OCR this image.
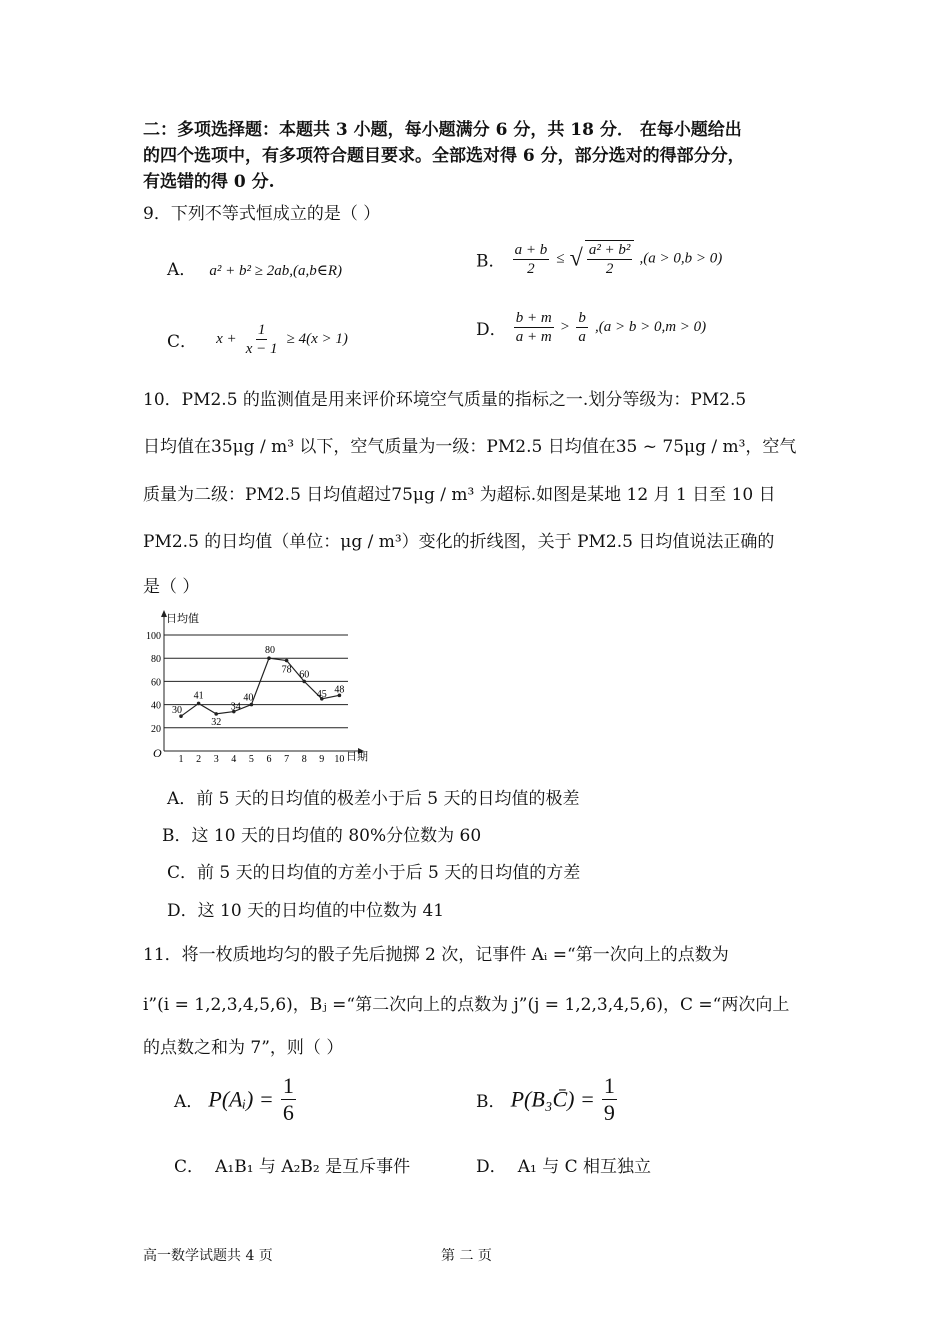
二：多项选择题：本题共 3 小题，每小题满分 6 分，共 18 分． 在每小题给出
的四个选项中，有多项符合题目要求。全部选对得 6 分，部分选对的得部分分，
有选错的得 0 分.
9．下列不等式恒成立的是（ ）
A． a² + b² ≥ 2ab,(a,b∈R)	B． $\frac{a + b}{2}$ ≤ √ $\frac{\text{a² + b²}}{2} ,(a > 0,b > 0)$
C． $x + \frac{1}{x - 1} \ge 4(x > 1)$	D． $\frac{b + m}{a + m} > \frac{b}{a} ,(a > b > 0,m > 0)$
10．PM2.5 的监测值是用来评价环境空气质量的指标之一.划分等级为：PM2.5
日均值在35μg / m³ 以下，空气质量为一级：PM2.5 日均值在35 ~ 75μg / m³，空气
质量为二级：PM2.5 日均值超过75μg / m³ 为超标.如图是某地 12 月 1 日至 10 日
PM2.5 的日均值（单位：μg / m³）变化的折线图，关于 PM2.5 日均值说法正确的
是（ ）
20
40
60
80
100
1 2 3 4 5 6 7 8 9 10
30
41
32
34
40
80
78 60
45 48
日均值
日期
O
A．前 5 天的日均值的极差小于后 5 天的日均值的极差
B．这 10 天的日均值的 80%分位数为 60
C．前 5 天的日均值的方差小于后 5 天的日均值的方差
D．这 10 天的日均值的中位数为 41
11．将一枚质地均匀的骰子先后抛掷 2 次，记事件 Aᵢ =“第一次向上的点数为
i”(i = 1,2,3,4,5,6)，Bⱼ =“第二次向上的点数为 j”(j = 1,2,3,4,5,6)，C =“两次向上
的点数之和为 7”，则（ ）
A． P(Aᵢ) = $\frac{1}{6}$	B． P(B₃C̄) = $\frac{1}{9}$
C． A₁B₁ 与 A₂B₂ 是互斥事件	D． A₁ 与 C 相互独立
高一数学试题共 4 页	第 二 页
